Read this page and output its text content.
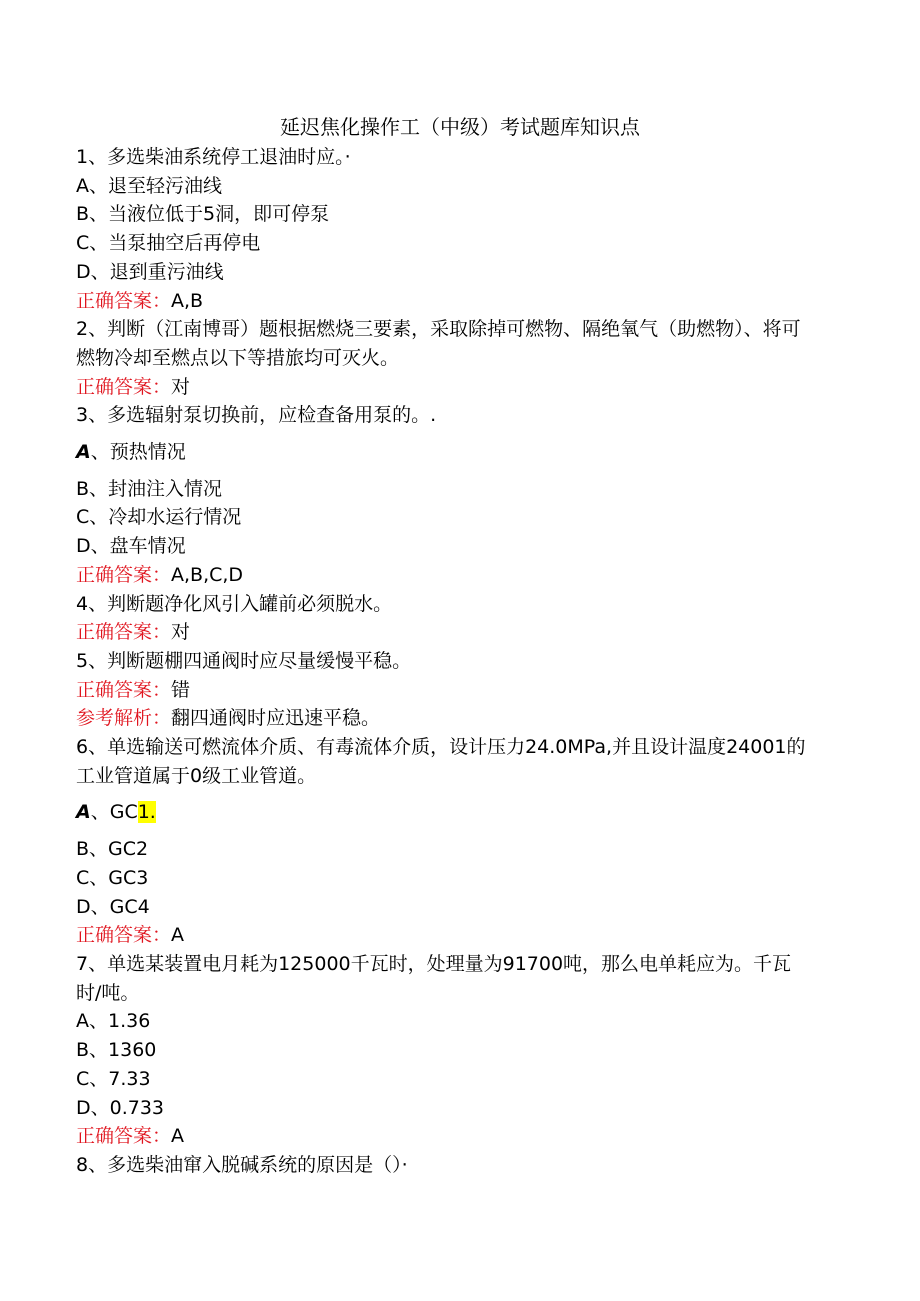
延迟焦化操作工（中级）考试题库知识点
1、多选柴油系统停工退油时应。·
A、退至轻污油线
B、当液位低于5洞，即可停泵
C、当泵抽空后再停电
D、退到重污油线
正确答案：A,B
2、判断（江南博哥）题根据燃烧三要素，采取除掉可燃物、隔绝氧气（助燃物）、将可燃物冷却至燃点以下等措旅均可灭火。
正确答案：对
3、多选辐射泵切换前，应检查备用泵的。.
A、预热情况
B、封油注入情况
C、冷却水运行情况
D、盘车情况
正确答案：A,B,C,D
4、判断题净化风引入罐前必须脱水。
正确答案：对
5、判断题棚四通阀时应尽量缓慢平稳。
正确答案：错
参考解析：翻四通阀时应迅速平稳。
6、单选输送可燃流体介质、有毒流体介质，设计压力24.0MPa,并且设计温度24001的工业管道属于0级工业管道。
A、GC1.
B、GC2
C、GC3
D、GC4
正确答案：A
7、单选某装置电月耗为125000千瓦时，处理量为91700吨，那么电单耗应为。千瓦时/吨。
A、1.36
B、1360
C、7.33
D、0.733
正确答案：A
8、多选柴油窜入脱碱系统的原因是（）·
